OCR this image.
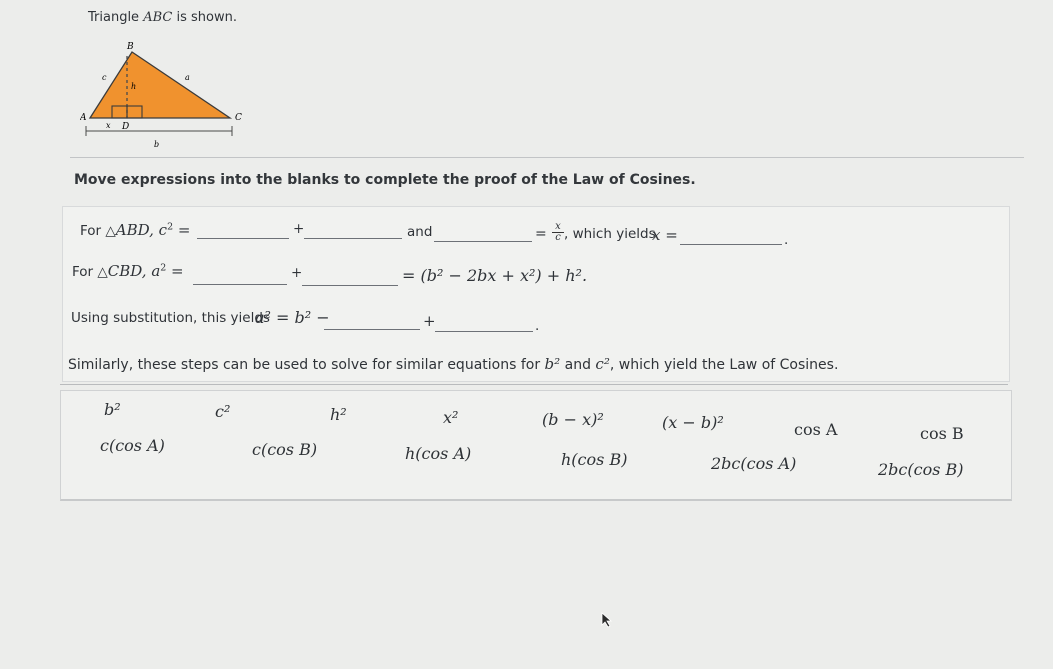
Triangle ABC is shown.
B
A	C
D
c	a
h
x
b
Move expressions into the blanks to complete the proof of the Law of Cosines.
For △ABD, $c^2$ =	+	and	= $\frac{x}{c}$ , which yields
x =	.
For △CBD, $a^2$ =	+	= (b² − 2bx + x²) + h².
Using substitution, this yields
a² = b² −	+	.
Similarly, these steps can be used to solve for similar equations for b² and c², which yield the Law of Cosines.
b²	c²	h²	x²	(b − x)²	(x − b)²	cos A	cos B
c(cos A)	c(cos B)	h(cos A)	h(cos B)	2bc(cos A)	2bc(cos B)
